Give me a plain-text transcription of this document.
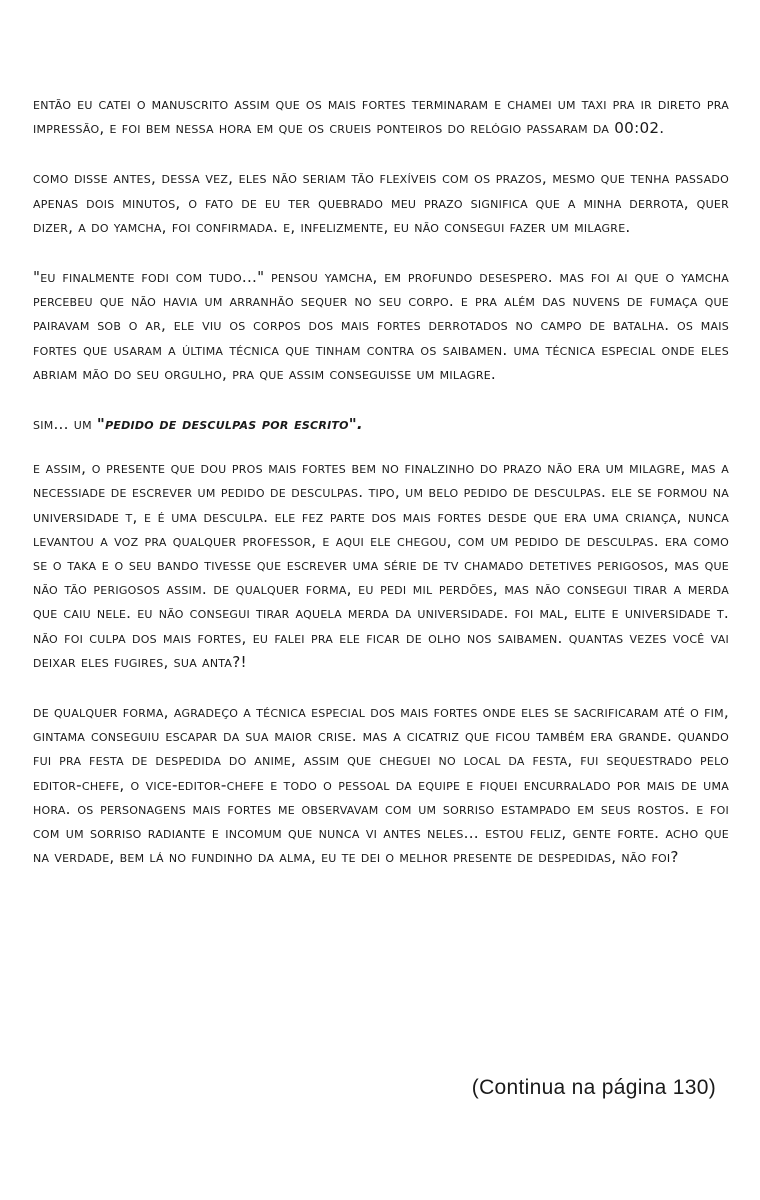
então eu catei o manuscrito assim que os mais fortes terminaram e chamei um taxi pra ir direto pra impressão, e foi bem nessa hora em que os crueis ponteiros do relógio passaram da 00:02.

como disse antes, dessa vez, eles não seriam tão flexíveis com os prazos, mesmo que tenha passado apenas dois minutos, o fato de eu ter quebrado meu prazo significa que a minha derrota, quer dizer, a do yamcha, foi confirmada. e, infelizmente, eu não consegui fazer um milagre.

"eu finalmente fodi com tudo..." pensou yamcha, em profundo desespero. mas foi ai que o yamcha percebeu que não havia um arranhão sequer no seu corpo. e pra além das nuvens de fumaça que pairavam sob o ar, ele viu os corpos dos mais fortes derrotados no campo de batalha. os mais fortes que usaram a última técnica que tinham contra os saibamen. uma técnica especial onde eles abriam mão do seu orgulho, pra que assim conseguisse um milagre.

sim... um "pedido de desculpas por escrito".

e assim, o presente que dou pros mais fortes bem no finalzinho do prazo não era um milagre, mas a necessiade de escrever um pedido de desculpas. tipo, um belo pedido de desculpas. ele se formou na universidade t, e é uma desculpa. ele fez parte dos mais fortes desde que era uma criança, nunca levantou a voz pra qualquer professor, e aqui ele chegou, com um pedido de desculpas. era como se o taka e o seu bando tivesse que escrever uma série de tv chamado detetives perigosos, mas que não tão perigosos assim. de qualquer forma, eu pedi mil perdões, mas não consegui tirar a merda que caiu nele. eu não consegui tirar aquela merda da universidade. foi mal, elite e universidade t. não foi culpa dos mais fortes, eu falei pra ele ficar de olho nos saibamen. quantas vezes você vai deixar eles fugires, sua anta?!

de qualquer forma, agradeço a técnica especial dos mais fortes onde eles se sacrificaram até o fim, gintama conseguiu escapar da sua maior crise. mas a cicatriz que ficou também era grande. quando fui pra festa de despedida do anime, assim que cheguei no local da festa, fui sequestrado pelo editor-chefe, o vice-editor-chefe e todo o pessoal da equipe e fiquei encurralado por mais de uma hora. os personagens mais fortes me observavam com um sorriso estampado em seus rostos. e foi com um sorriso radiante e incomum que nunca vi antes neles... estou feliz, gente forte. acho que na verdade, bem lá no fundinho da alma, eu te dei o melhor presente de despedidas, não foi?

(Continua na página 130)
